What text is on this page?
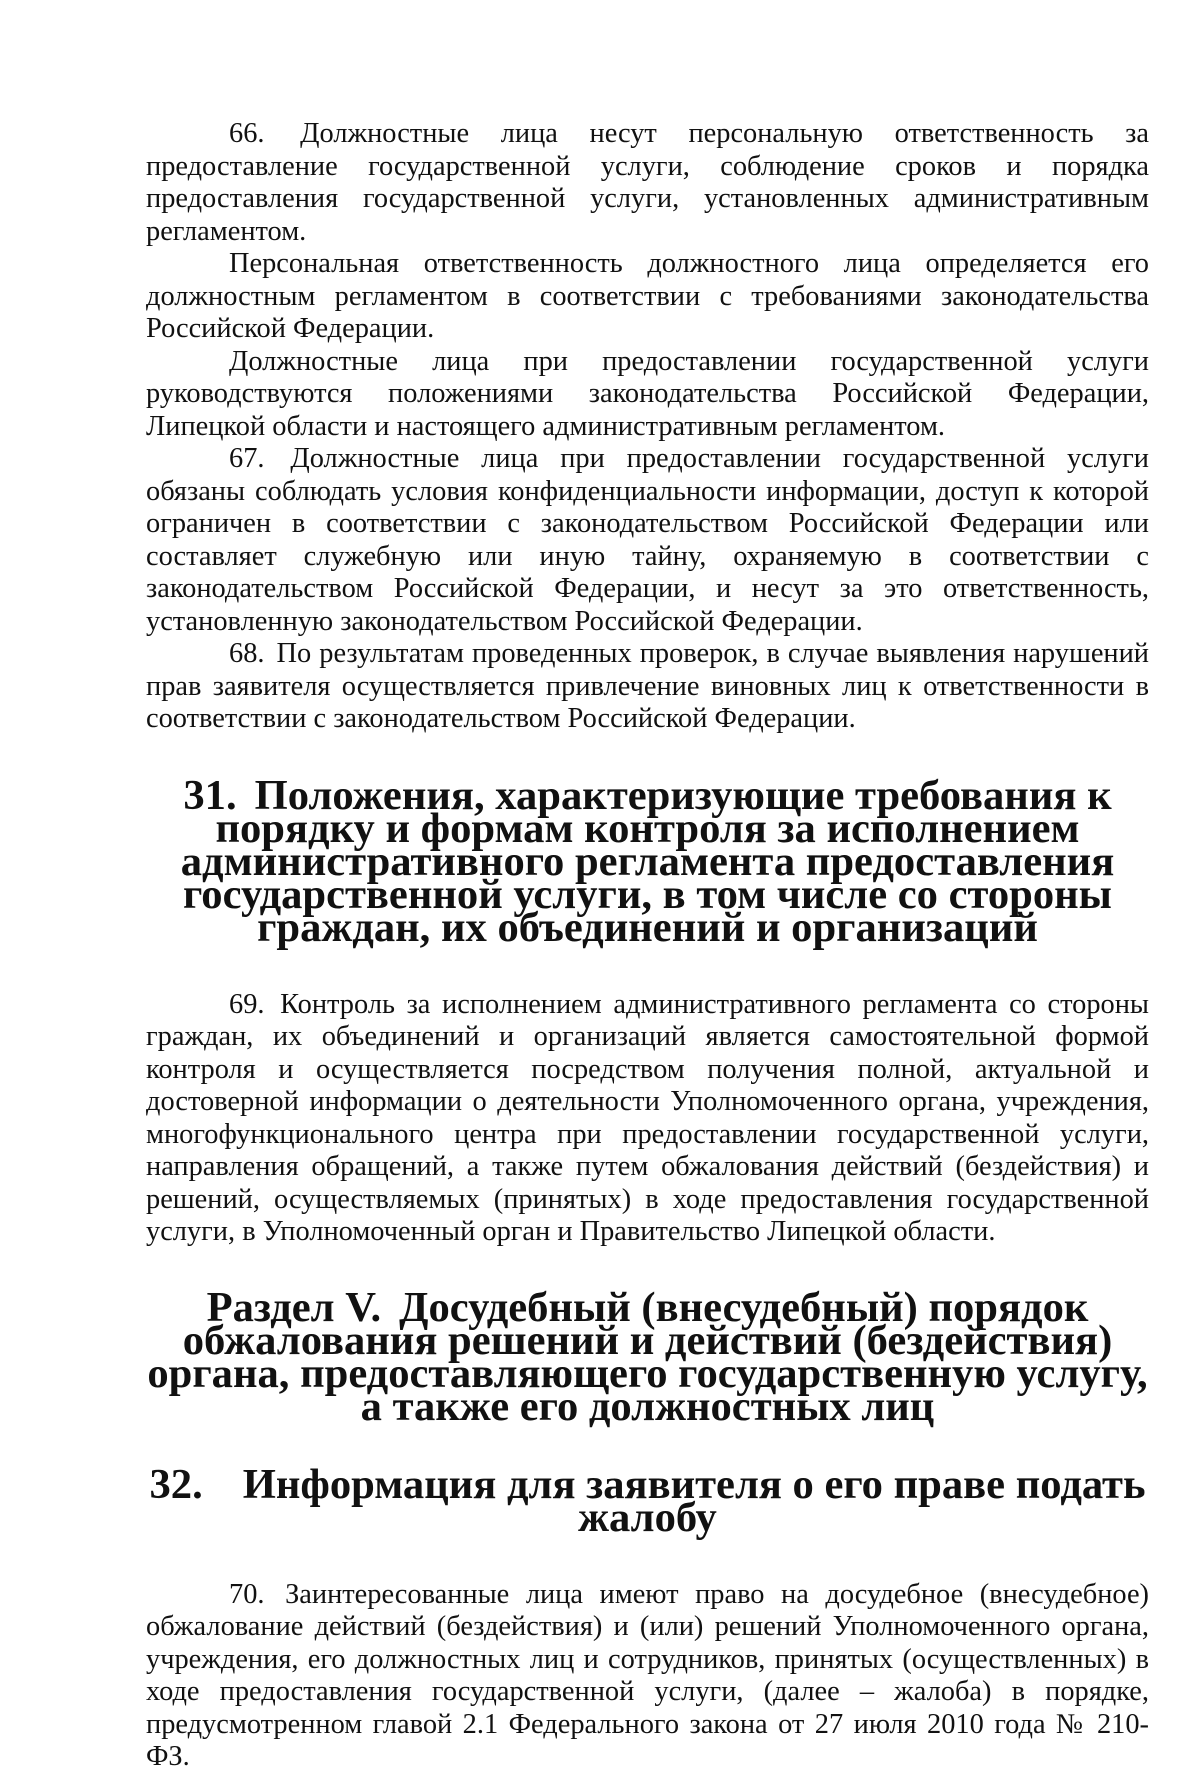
66. Должностные лица несут персональную ответственность за предоставление государственной услуги, соблюдение сроков и порядка предоставления государственной услуги, установленных административным регламентом.

Персональная ответственность должностного лица определяется его должностным регламентом в соответствии с требованиями законодательства Российской Федерации.

Должностные лица при предоставлении государственной услуги руководствуются положениями законодательства Российской Федерации, Липецкой области и настоящего административным регламентом.

67. Должностные лица при предоставлении государственной услуги обязаны соблюдать условия конфиденциальности информации, доступ к которой ограничен в соответствии с законодательством Российской Федерации или составляет служебную или иную тайну, охраняемую в соответствии с законодательством Российской Федерации, и несут за это ответственность, установленную законодательством Российской Федерации.

68. По результатам проведенных проверок, в случае выявления нарушений прав заявителя осуществляется привлечение виновных лиц к ответственности в соответствии с законодательством Российской Федерации.

31. Положения, характеризующие требования к порядку и формам контроля за исполнением административного регламента предоставления государственной услуги, в том числе со стороны граждан, их объединений и организаций

69. Контроль за исполнением административного регламента со стороны граждан, их объединений и организаций является самостоятельной формой контроля и осуществляется посредством получения полной, актуальной и достоверной информации о деятельности Уполномоченного органа, учреждения, многофункционального центра при предоставлении государственной услуги, направления обращений, а также путем обжалования действий (бездействия) и решений, осуществляемых (принятых) в ходе предоставления государственной услуги, в Уполномоченный орган и Правительство Липецкой области.

Раздел V. Досудебный (внесудебный) порядок обжалования решений и действий (бездействия) органа, предоставляющего государственную услугу, а также его должностных лиц
32. Информация для заявителя о его праве подать жалобу

70. Заинтересованные лица имеют право на досудебное (внесудебное) обжалование действий (бездействия) и (или) решений Уполномоченного органа, учреждения, его должностных лиц и сотрудников, принятых (осуществленных) в ходе предоставления государственной услуги, (далее – жалоба) в порядке, предусмотренном главой 2.1 Федерального закона от 27 июля 2010 года № 210-ФЗ.
